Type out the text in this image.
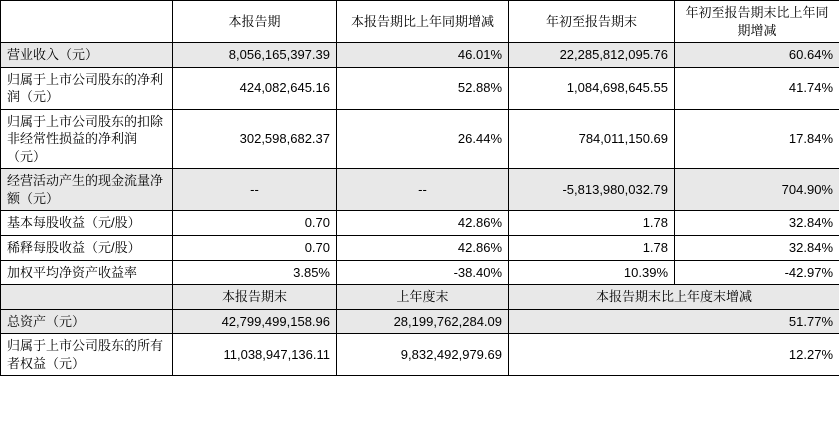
	本报告期	本报告期比上年同期增减	年初至报告期末	年初至报告期末比上年同期增减
营业收入（元）	8,056,165,397.39	46.01%	22,285,812,095.76	60.64%
归属于上市公司股东的净利润（元）	424,082,645.16	52.88%	1,084,698,645.55	41.74%
归属于上市公司股东的扣除非经常性损益的净利润（元）	302,598,682.37	26.44%	784,011,150.69	17.84%
经营活动产生的现金流量净额（元）	--	--	-5,813,980,032.79	704.90%
基本每股收益（元/股）	0.70	42.86%	1.78	32.84%
稀释每股收益（元/股）	0.70	42.86%	1.78	32.84%
加权平均净资产收益率	3.85%	-38.40%	10.39%	-42.97%
	本报告期末	上年度末	本报告期末比上年度末增减	
总资产（元）	42,799,499,158.96	28,199,762,284.09	51.77%	
归属于上市公司股东的所有者权益（元）	11,038,947,136.11	9,832,492,979.69	12.27%	
